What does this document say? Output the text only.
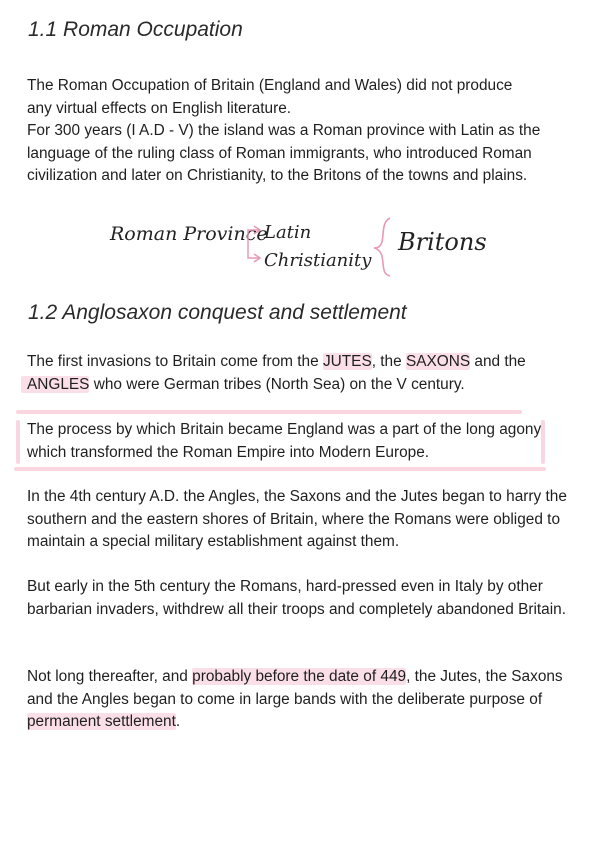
1.1 Roman Occupation

The Roman Occupation of Britain (England and Wales) did not produce
any virtual effects on English literature.

For 300 years (I A.D - V) the island was a Roman province with Latin as the language of the ruling class of Roman immigrants, who introduced Roman civilization and later on Christianity, to the Britons of the towns and plains.

Roman Province
Latin
Christianity
Britons
1.2 Anglosaxon conquest and settlement

The first invasions to Britain come from the JUTES, the SAXONS and the ANGLES who were German tribes (North Sea) on the V century.

The process by which Britain became England was a part of the long agony which transformed the Roman Empire into Modern Europe.

In the 4th century A.D. the Angles, the Saxons and the Jutes began to harry the southern and the eastern shores of Britain, where the Romans were obliged to maintain a special military establishment against them.

But early in the 5th century the Romans, hard-pressed even in Italy by other barbarian invaders, withdrew all their troops and completely abandoned Britain.

Not long thereafter, and probably before the date of 449, the Jutes, the Saxons and the Angles began to come in large bands with the deliberate purpose of permanent settlement.
